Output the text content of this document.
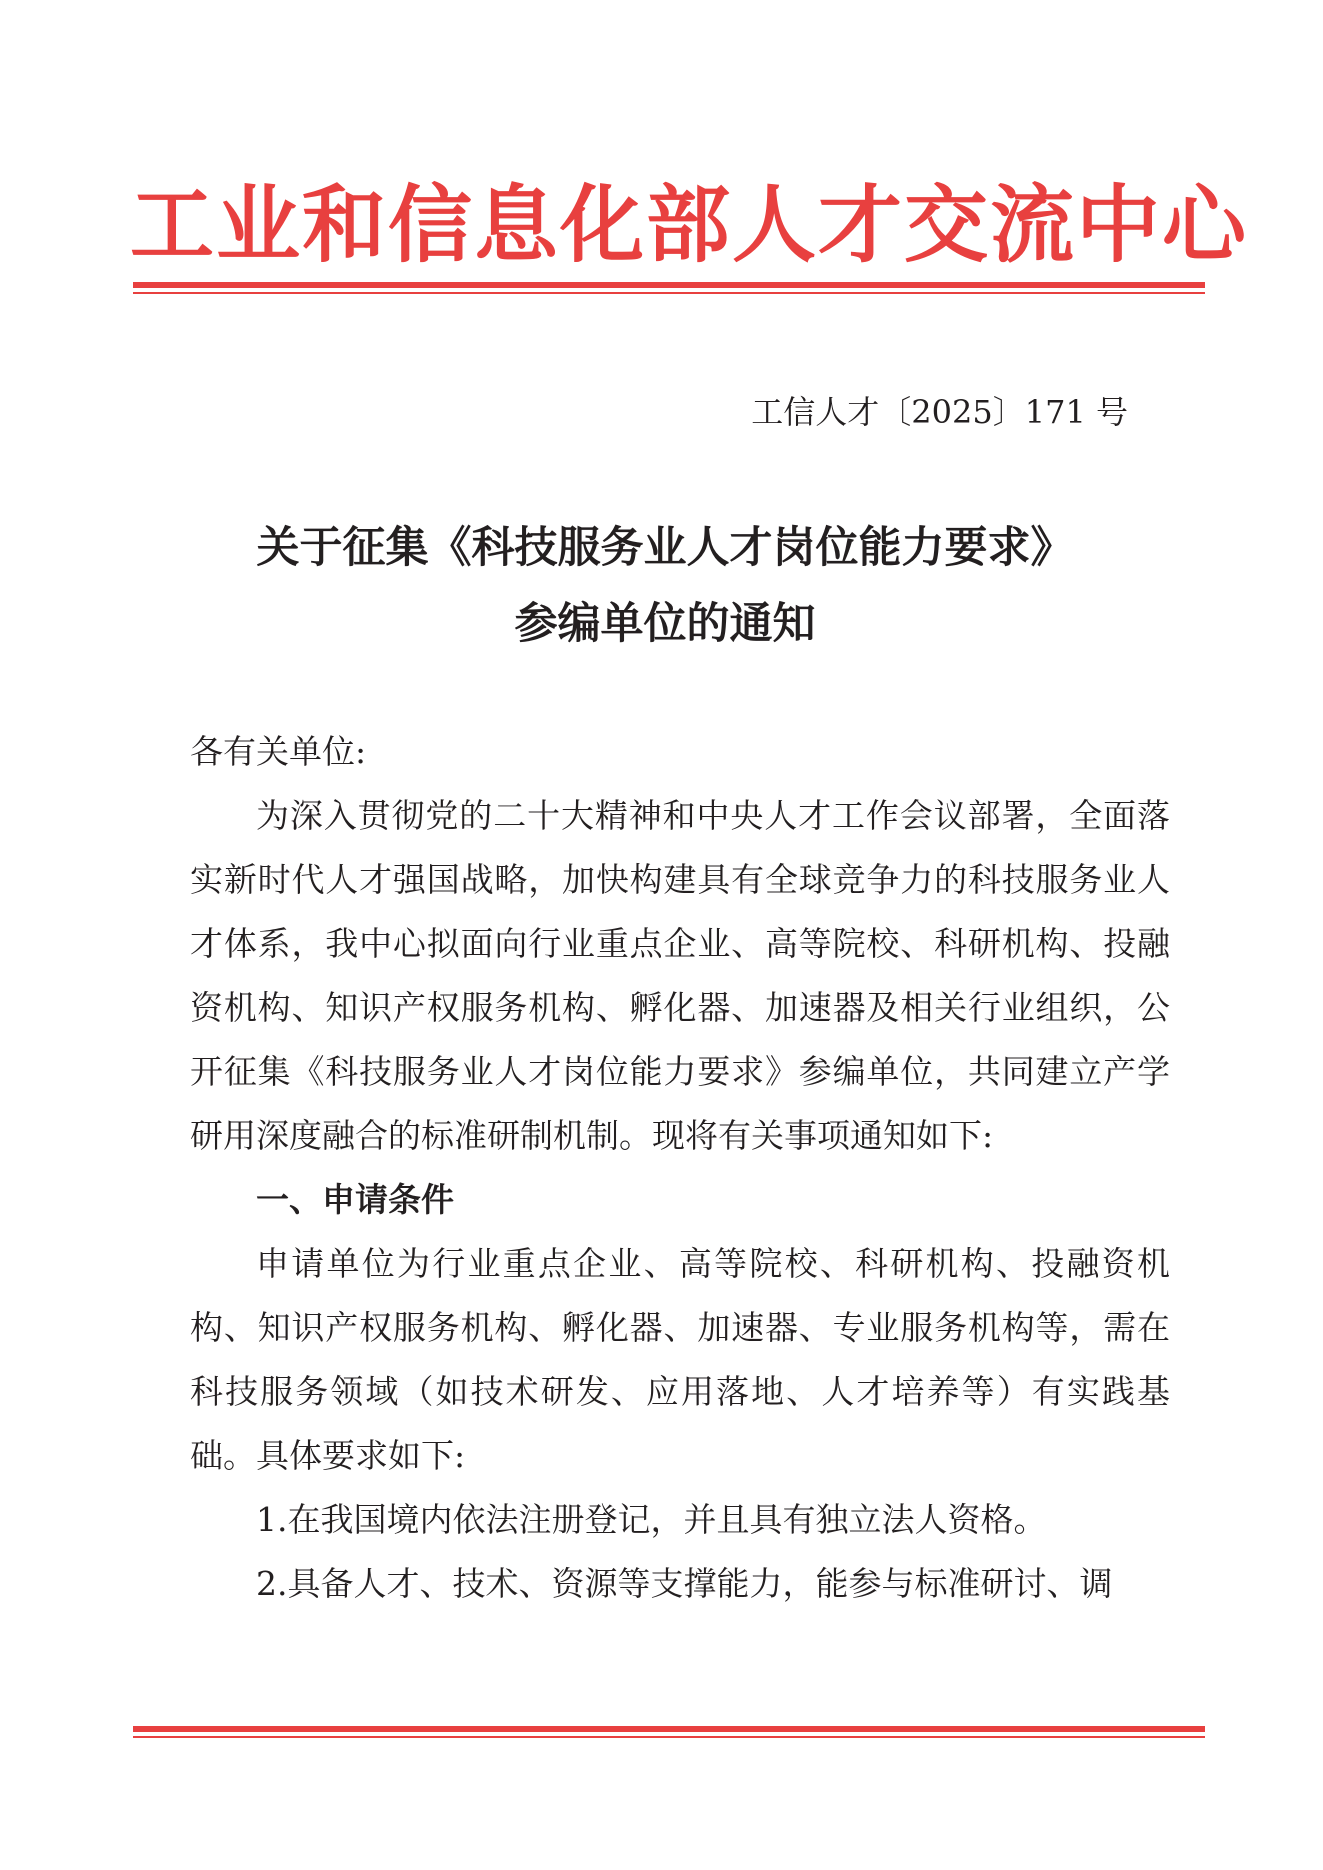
工业和信息化部人才交流中心
工信人才〔2025〕171 号
关于征集《科技服务业人才岗位能力要求》
参编单位的通知

各有关单位:

为深入贯彻党的二十大精神和中央人才工作会议部署，全面落实新时代人才强国战略，加快构建具有全球竞争力的科技服务业人才体系，我中心拟面向行业重点企业、高等院校、科研机构、投融资机构、知识产权服务机构、孵化器、加速器及相关行业组织，公开征集《科技服务业人才岗位能力要求》参编单位，共同建立产学研用深度融合的标准研制机制。现将有关事项通知如下:

一、申请条件

申请单位为行业重点企业、高等院校、科研机构、投融资机构、知识产权服务机构、孵化器、加速器、专业服务机构等，需在科技服务领域（如技术研发、应用落地、人才培养等）有实践基础。具体要求如下:

1.在我国境内依法注册登记，并且具有独立法人资格。

2.具备人才、技术、资源等支撑能力，能参与标准研讨、调
